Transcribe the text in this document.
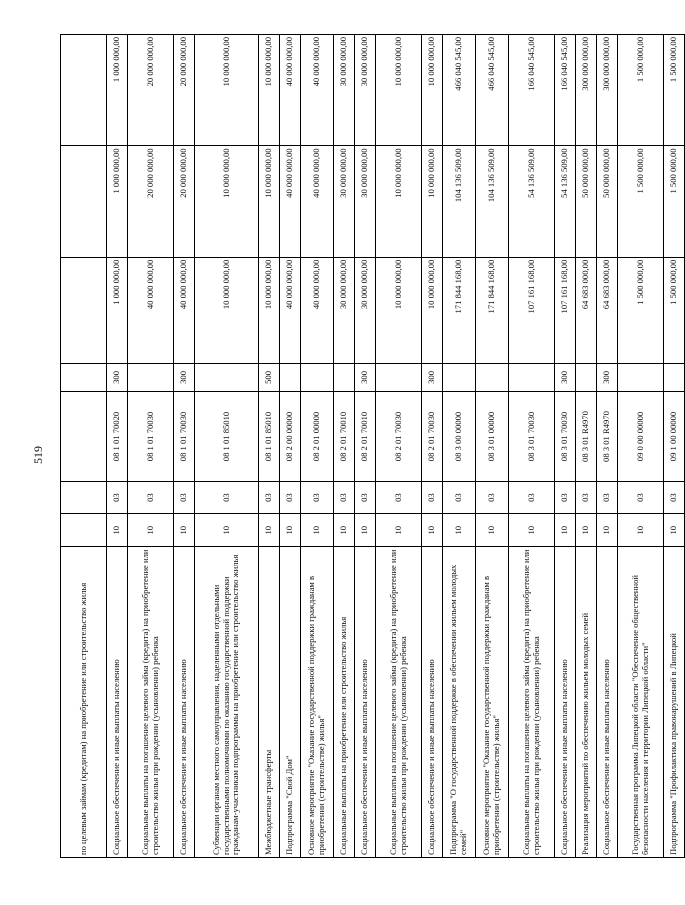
519
по целевым займам (кредитам) на приобретение или строительство жилья							
Социальное обеспечение и иные выплаты населению	10	03	08 1 01 70020	300	1 000 000,00	1 000 000,00	1 000 000,00
Социальные выплаты на погашение целевого займа (кредита) на приобретение или строительство жилья при рождении (усыновлении) ребенка	10	03	08 1 01 70030		40 000 000,00	20 000 000,00	20 000 000,00
Социальное обеспечение и иные выплаты населению	10	03	08 1 01 70030	300	40 000 000,00	20 000 000,00	20 000 000,00
Субвенции органам местного самоуправления, наделенными отдельными государственными полномочиями по оказанию государственной поддержки гражданам-участникам подпрограммы на приобретение или строительство жилья	10	03	08 1 01 85010		10 000 000,00	10 000 000,00	10 000 000,00
Межбюджетные трансферты	10	03	08 1 01 85010	500	10 000 000,00	10 000 000,00	10 000 000,00
Подпрограмма "Свой Дом"	10	03	08 2 00 00000		40 000 000,00	40 000 000,00	40 000 000,00
Основное мероприятие "Оказание государственной поддержки гражданам в приобретении (строительстве) жилья"	10	03	08 2 01 00000		40 000 000,00	40 000 000,00	40 000 000,00
Социальные выплаты на приобретение или строительство жилья	10	03	08 2 01 70010		30 000 000,00	30 000 000,00	30 000 000,00
Социальное обеспечение и иные выплаты населению	10	03	08 2 01 70010	300	30 000 000,00	30 000 000,00	30 000 000,00
Социальные выплаты на погашение целевого займа (кредита) на приобретение или строительство жилья при рождении (усыновлении) ребенка	10	03	08 2 01 70030		10 000 000,00	10 000 000,00	10 000 000,00
Социальное обеспечение и иные выплаты населению	10	03	08 2 01 70030	300	10 000 000,00	10 000 000,00	10 000 000,00
Подпрограмма "О государственной поддержке в обеспечении жильем молодых семей"	10	03	08 3 00 00000		171 844 168,00	104 136 509,00	466 040 545,00
Основное мероприятие "Оказание государственной поддержки гражданам в приобретении (строительстве) жилья"	10	03	08 3 01 00000		171 844 168,00	104 136 509,00	466 040 545,00
Социальные выплаты на погашение целевого займа (кредита) на приобретение или строительство жилья при рождении (усыновлении) ребенка	10	03	08 3 01 70030		107 161 168,00	54 136 509,00	166 040 545,00
Социальное обеспечение и иные выплаты населению	10	03	08 3 01 70030	300	107 161 168,00	54 136 509,00	166 040 545,00
Реализация мероприятий по обеспечению жильем молодых семей	10	03	08 3 01 R4970		64 683 000,00	50 000 000,00	300 000 000,00
Социальное обеспечение и иные выплаты населению	10	03	08 3 01 R4970	300	64 683 000,00	50 000 000,00	300 000 000,00
Государственная программа Липецкой области "Обеспечение общественной безопасности населения и территории Липецкой области"	10	03	09 0 00 00000		1 500 000,00	1 500 000,00	1 500 000,00
Подпрограмма "Профилактика правонарушений в Липецкой	10	03	09 1 00 00000		1 500 000,00	1 500 000,00	1 500 000,00
